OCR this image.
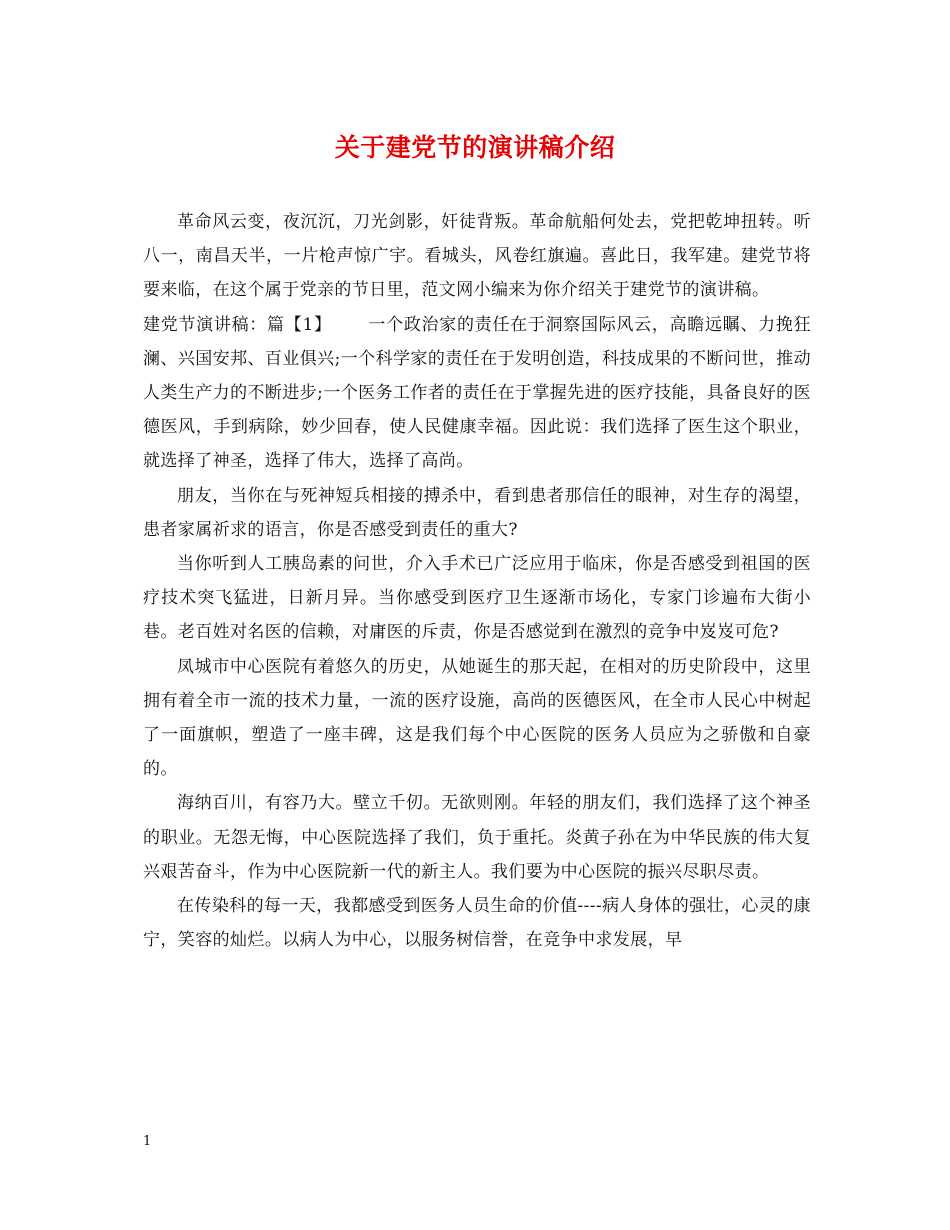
关于建党节的演讲稿介绍

革命风云变，夜沉沉，刀光剑影，奸徒背叛。革命航船何处去，党把乾坤扭转。听八一，南昌天半，一片枪声惊广宇。看城头，风卷红旗遍。喜此日，我军建。建党节将要来临，在这个属于党亲的节日里，范文网小编来为你介绍关于建党节的演讲稿。

建党节演讲稿：篇【1】      一个政治家的责任在于洞察国际风云，高瞻远瞩、力挽狂澜、兴国安邦、百业俱兴;一个科学家的责任在于发明创造，科技成果的不断问世，推动人类生产力的不断进步;一个医务工作者的责任在于掌握先进的医疗技能，具备良好的医德医风，手到病除，妙少回春，使人民健康幸福。因此说：我们选择了医生这个职业，就选择了神圣，选择了伟大，选择了高尚。

朋友，当你在与死神短兵相接的搏杀中，看到患者那信任的眼神，对生存的渴望，患者家属祈求的语言，你是否感受到责任的重大?

当你听到人工胰岛素的问世，介入手术已广泛应用于临床，你是否感受到祖国的医疗技术突飞猛进，日新月异。当你感受到医疗卫生逐渐市场化，专家门诊遍布大街小巷。老百姓对名医的信赖，对庸医的斥责，你是否感觉到在激烈的竞争中岌岌可危?

凤城市中心医院有着悠久的历史，从她诞生的那天起，在相对的历史阶段中，这里拥有着全市一流的技术力量，一流的医疗设施，高尚的医德医风，在全市人民心中树起了一面旗帜，塑造了一座丰碑，这是我们每个中心医院的医务人员应为之骄傲和自豪的。

海纳百川，有容乃大。壁立千仞。无欲则刚。年轻的朋友们，我们选择了这个神圣的职业。无怨无悔，中心医院选择了我们，负于重托。炎黄子孙在为中华民族的伟大复兴艰苦奋斗，作为中心医院新一代的新主人。我们要为中心医院的振兴尽职尽责。

在传染科的每一天，我都感受到医务人员生命的价值----病人身体的强壮，心灵的康宁，笑容的灿烂。以病人为中心，以服务树信誉，在竞争中求发展，早

1
